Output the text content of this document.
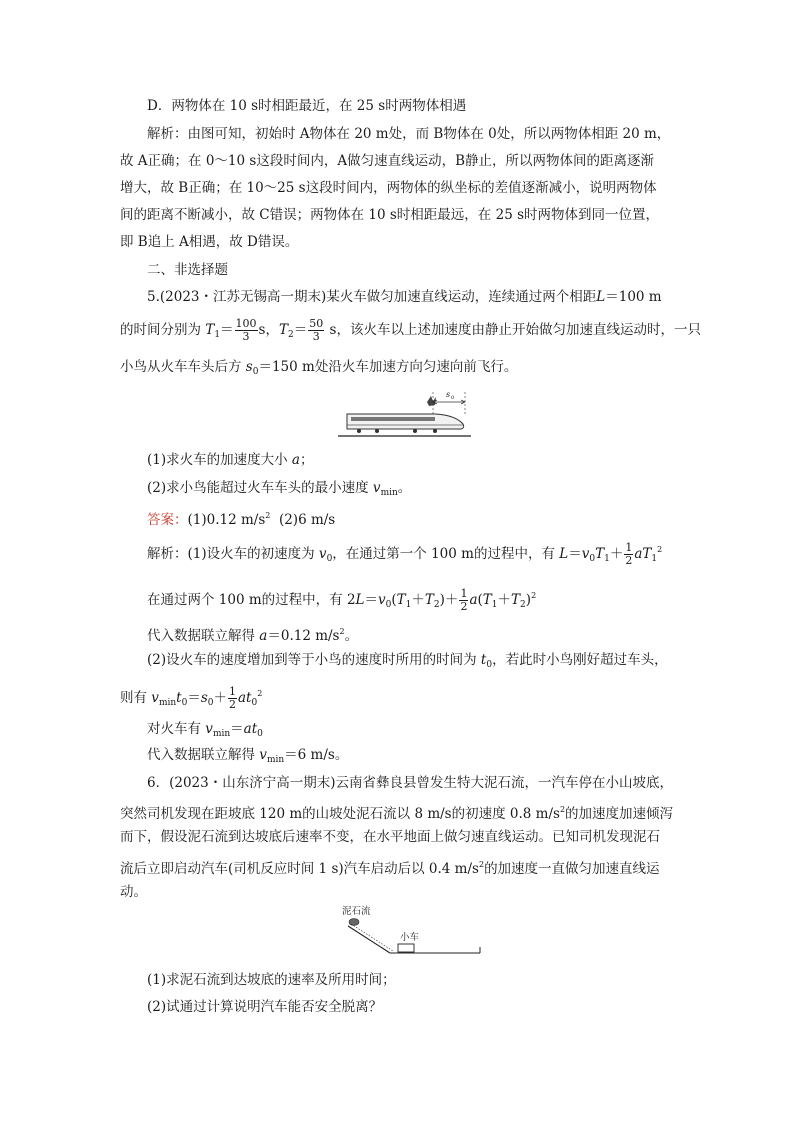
D．两物体在 10 s时相距最近，在 25 s时两物体相遇
解析：由图可知，初始时 A物体在 20 m处，而 B物体在 0处，所以两物体相距 20 m，
故 A正确；在 0～10 s这段时间内，A做匀速直线运动，B静止，所以两物体间的距离逐渐
增大，故 B正确；在 10～25 s这段时间内，两物体的纵坐标的差值逐渐减小，说明两物体
间的距离不断减小，故 C错误；两物体在 10 s时相距最远，在 25 s时两物体到同一位置，
即 B追上 A相遇，故 D错误。
二、非选择题
5.(2023・江苏无锡高一期末)某火车做匀加速直线运动，连续通过两个相距L＝100 m
的时间分别为 $T_1= \frac{100}{3}$ s，$T_2= \frac{50}{3}$ s，该火车以上述加速度由静止开始做匀加速直线运动时，一只
小鸟从火车车头后方 $s_0=150$ m处沿火车加速方向匀速向前飞行。
s 0
(1)求火车的加速度大小 a；
(2)求小鸟能超过火车车头的最小速度 $v_{min}$。
答案：(1)0.12 $m/s^2$ (2)6 m/s
解析：(1)设火车的初速度为 $v_0$，在通过第一个 100 m的过程中，有 $L=v_0T_1+ \frac{1}{2} aT_1^2$
在通过两个 100 m的过程中，有 $2L=v_0(T_1+T_2)+ \frac{1}{2} a(T_1+T_2)^2$
代入数据联立解得 a＝0.12 $m/s^2$。
(2)设火车的速度增加到等于小鸟的速度时所用的时间为 $t_0$，若此时小鸟刚好超过车头，
则有 $v_{min}t_0=s_0+ \frac{1}{2} at_0^2$
对火车有 $v_{min}=at_0$
代入数据联立解得 $v_{min}=6$ m/s。
6．(2023・山东济宁高一期末)云南省彝良县曾发生特大泥石流，一汽车停在小山坡底，
突然司机发现在距坡底 120 m的山坡处泥石流以 8 m/s的初速度 0.8 $m/s^2$的加速度加速倾泻
而下，假设泥石流到达坡底后速率不变，在水平地面上做匀速直线运动。已知司机发现泥石
流后立即启动汽车(司机反应时间 1 s)汽车启动后以 0.4 $m/s^2$的加速度一直做匀加速直线运
动。
泥石流
小车
(1)求泥石流到达坡底的速率及所用时间；
(2)试通过计算说明汽车能否安全脱离？
